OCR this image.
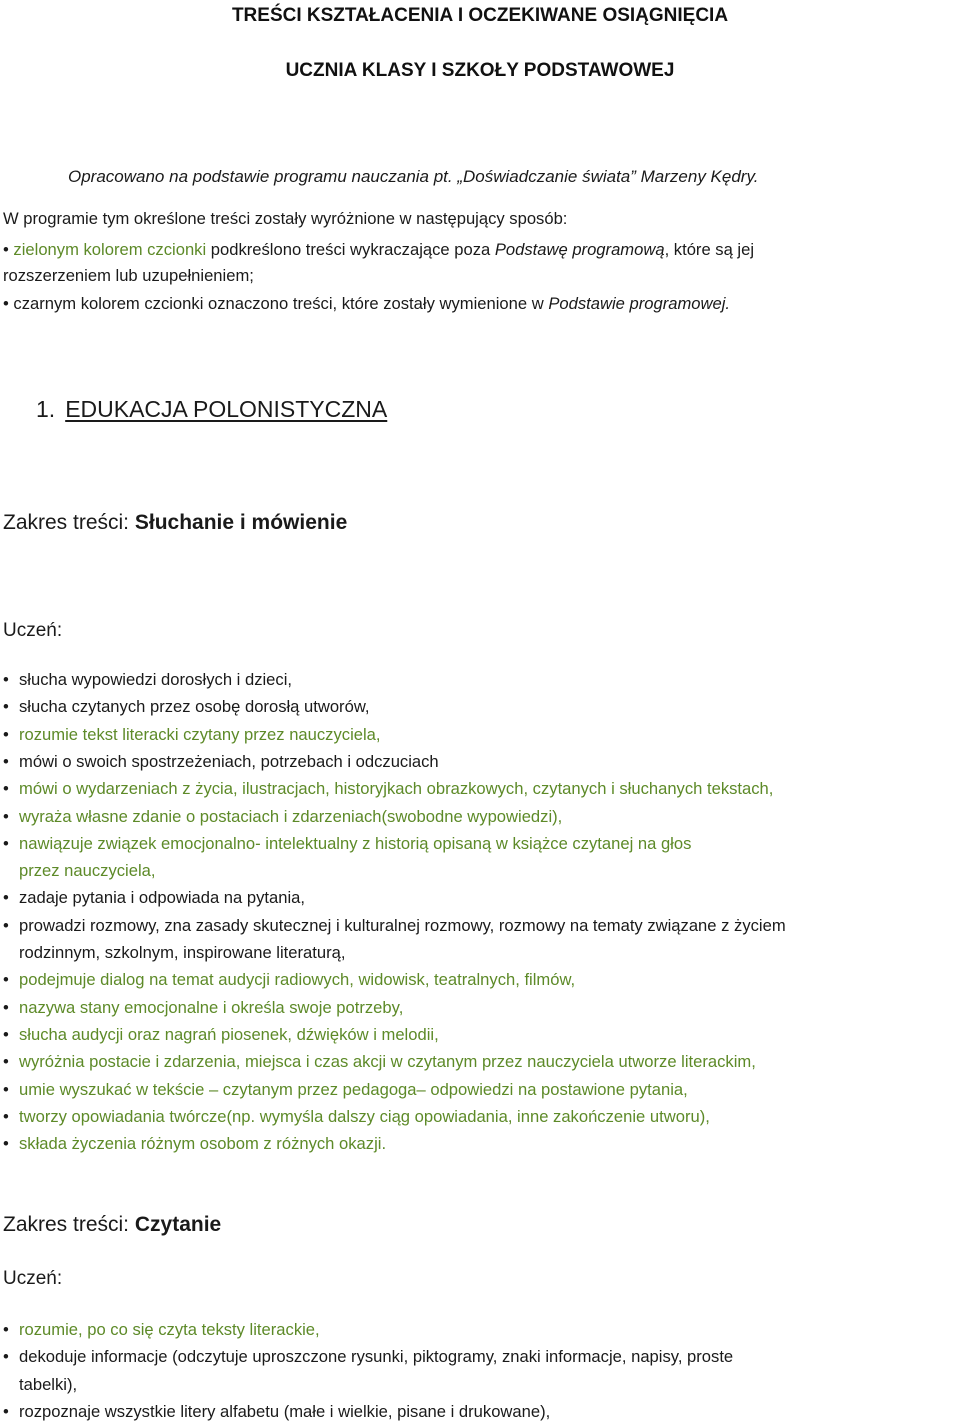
TREŚCI KSZTAŁACENIA I OCZEKIWANE OSIĄGNIĘCIA
UCZNIA KLASY I SZKOŁY PODSTAWOWEJ
Opracowano na podstawie programu nauczania pt. „Doświadczanie świata” Marzeny Kędry.
W programie tym określone treści zostały wyróżnione w następujący sposób:
• zielonym kolorem czcionki podkreślono treści wykraczające poza Podstawę programową, które są jej
rozszerzeniem lub uzupełnieniem;
• czarnym kolorem czcionki oznaczono treści, które zostały wymienione w Podstawie programowej.
1. EDUKACJA POLONISTYCZNA
Zakres treści: Słuchanie i mówienie
Uczeń:
• słucha wypowiedzi dorosłych i dzieci,
• słucha czytanych przez osobę dorosłą utworów,
• rozumie tekst literacki czytany przez nauczyciela,
• mówi o swoich spostrzeżeniach, potrzebach i odczuciach
• mówi o wydarzeniach z życia, ilustracjach, historyjkach obrazkowych, czytanych i słuchanych tekstach,
• wyraża własne zdanie o postaciach i zdarzeniach(swobodne wypowiedzi),
• nawiązuje związek emocjonalno- intelektualny z historią opisaną w książce czytanej na głos
przez nauczyciela,
• zadaje pytania i odpowiada na pytania,
• prowadzi rozmowy, zna zasady skutecznej i kulturalnej rozmowy, rozmowy na tematy związane z życiem
rodzinnym, szkolnym, inspirowane literaturą,
• podejmuje dialog na temat audycji radiowych, widowisk, teatralnych, filmów,
• nazywa stany emocjonalne i określa swoje potrzeby,
• słucha audycji oraz nagrań piosenek, dźwięków i melodii,
• wyróżnia postacie i zdarzenia, miejsca i czas akcji w czytanym przez nauczyciela utworze literackim,
• umie wyszukać w tekście – czytanym przez pedagoga– odpowiedzi na postawione pytania,
• tworzy opowiadania twórcze(np. wymyśla dalszy ciąg opowiadania, inne zakończenie utworu),
• składa życzenia różnym osobom z różnych okazji.
Zakres treści: Czytanie
Uczeń:
• rozumie, po co się czyta teksty literackie,
• dekoduje informacje (odczytuje uproszczone rysunki, piktogramy, znaki informacje, napisy, proste
tabelki),
• rozpoznaje wszystkie litery alfabetu (małe i wielkie, pisane i drukowane),
